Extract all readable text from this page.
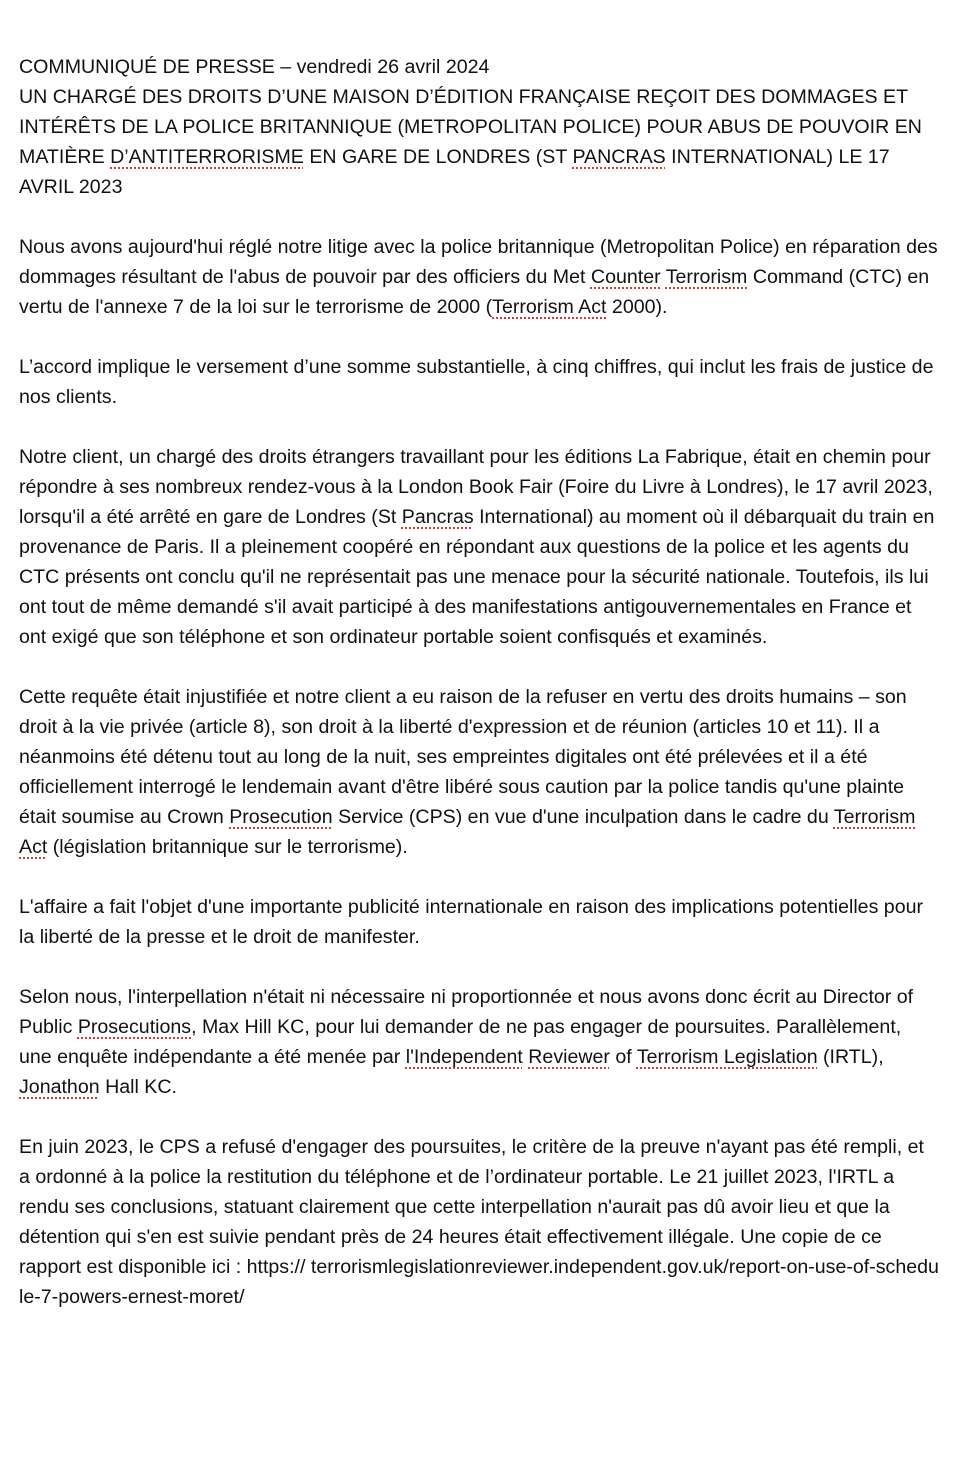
COMMUNIQUÉ DE PRESSE – vendredi 26 avril 2024
UN CHARGÉ DES DROITS D’UNE MAISON D’ÉDITION FRANÇAISE REÇOIT DES DOMMAGES ET INTÉRÊTS DE LA POLICE BRITANNIQUE (METROPOLITAN POLICE) POUR ABUS DE POUVOIR EN MATIÈRE D’ANTITERRORISME EN GARE DE LONDRES (ST PANCRAS INTERNATIONAL) LE 17 AVRIL 2023

Nous avons aujourd'hui réglé notre litige avec la police britannique (Metropolitan Police) en réparation des dommages résultant de l'abus de pouvoir par des officiers du Met Counter Terrorism Command (CTC) en vertu de l'annexe 7 de la loi sur le terrorisme de 2000 (Terrorism Act 2000).

L’accord implique le versement d’une somme substantielle, à cinq chiffres, qui inclut les frais de justice de nos clients.

Notre client, un chargé des droits étrangers travaillant pour les éditions La Fabrique, était en chemin pour répondre à ses nombreux rendez-vous à la London Book Fair (Foire du Livre à Londres), le 17 avril 2023, lorsqu'il a été arrêté en gare de Londres (St Pancras International) au moment où il débarquait du train en provenance de Paris. Il a pleinement coopéré en répondant aux questions de la police et les agents du CTC présents ont conclu qu'il ne représentait pas une menace pour la sécurité nationale. Toutefois, ils lui ont tout de même demandé s'il avait participé à des manifestations antigouvernementales en France et ont exigé que son téléphone et son ordinateur portable soient confisqués et examinés.

Cette requête était injustifiée et notre client a eu raison de la refuser en vertu des droits humains – son droit à la vie privée (article 8), son droit à la liberté d'expression et de réunion (articles 10 et 11). Il a néanmoins été détenu tout au long de la nuit, ses empreintes digitales ont été prélevées et il a été officiellement interrogé le lendemain avant d'être libéré sous caution par la police tandis qu'une plainte était soumise au Crown Prosecution Service (CPS) en vue d'une inculpation dans le cadre du Terrorism Act (législation britannique sur le terrorisme).

L'affaire a fait l'objet d'une importante publicité internationale en raison des implications potentielles pour la liberté de la presse et le droit de manifester.

Selon nous, l'interpellation n'était ni nécessaire ni proportionnée et nous avons donc écrit au Director of Public Prosecutions, Max Hill KC, pour lui demander de ne pas engager de poursuites. Parallèlement, une enquête indépendante a été menée par l'Independent Reviewer of Terrorism Legislation (IRTL), Jonathon Hall KC.

En juin 2023, le CPS a refusé d'engager des poursuites, le critère de la preuve n'ayant pas été rempli, et a ordonné à la police la restitution du téléphone et de l’ordinateur portable. Le 21 juillet 2023, l'IRTL a rendu ses conclusions, statuant clairement que cette interpellation n'aurait pas dû avoir lieu et que la détention qui s'en est suivie pendant près de 24 heures était effectivement illégale. Une copie de ce rapport est disponible ici : https:// terrorismlegislationreviewer.independent.gov.uk/report-on-use-of-schedule-7-powers-ernest-moret/
